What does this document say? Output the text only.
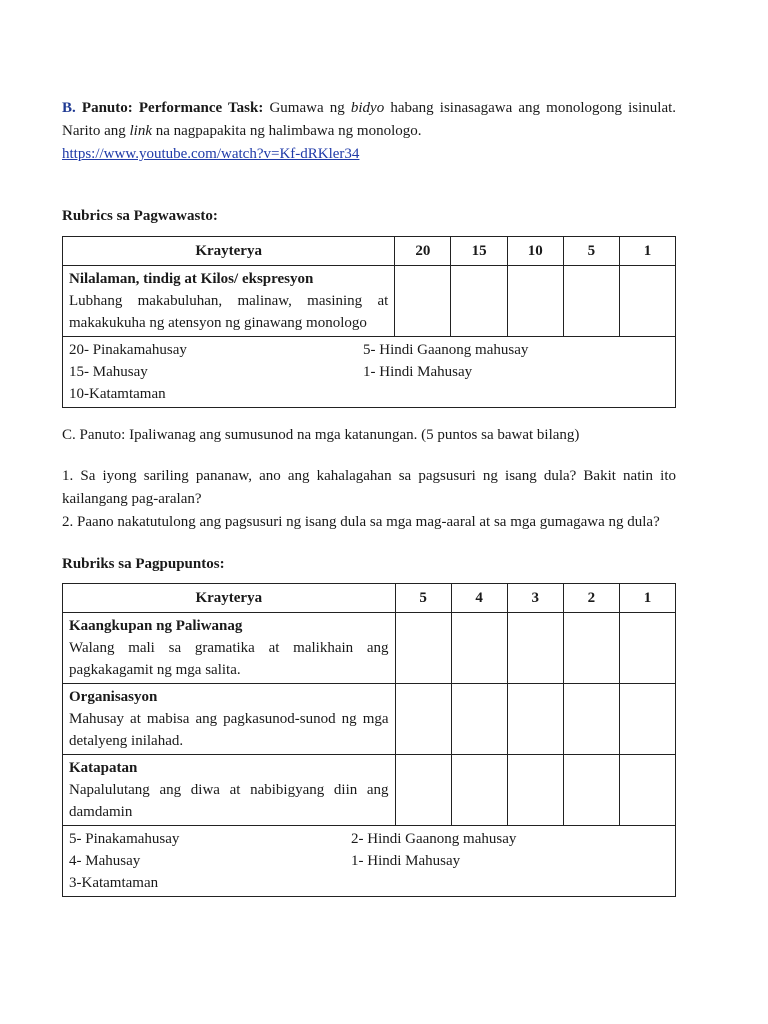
B. Panuto: Performance Task: Gumawa ng bidyo habang isinasagawa ang monologong isinulat. Narito ang link na nagpapakita ng halimbawa ng monologo.
https://www.youtube.com/watch?v=Kf-dRKler34

Rubrics sa Pagwawasto:

Krayterya	20	15	10	5	1

Nilalaman, tindig at Kilos/ ekspresyon
Lubhang makabuluhan, malinaw, masining at makakukuha ng atensyon ng ginawang monologo					

20- Pinakamahusay
15- Mahusay
10-Katamtaman
5- Hindi Gaanong mahusay
1- Hindi Mahusay					

C. Panuto: Ipaliwanag ang sumusunod na mga katanungan. (5 puntos sa bawat bilang)

1. Sa iyong sariling pananaw, ano ang kahalagahan sa pagsusuri ng isang dula? Bakit natin ito kailangang pag-aralan?

2. Paano nakatutulong ang pagsusuri ng isang dula sa mga mag-aaral at sa mga gumagawa ng dula?

Rubriks sa Pagpupuntos:

Krayterya	5	4	3	2	1

Kaangkupan ng Paliwanag
Walang mali sa gramatika at malikhain ang pagkakagamit ng mga salita.					

Organisasyon
Mahusay at mabisa ang pagkasunod-sunod ng mga detalyeng inilahad.					

Katapatan
Napalulutang ang diwa at nabibigyang diin ang damdamin					

5- Pinakamahusay
4- Mahusay
3-Katamtaman
2- Hindi Gaanong mahusay
1- Hindi Mahusay					
